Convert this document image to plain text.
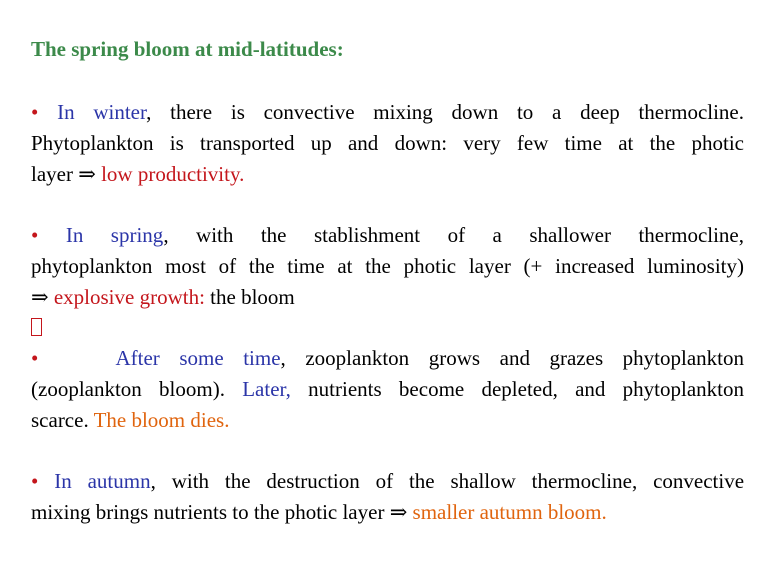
The spring bloom at mid-latitudes:
• In winter, there is convective mixing down to a deep thermocline.
Phytoplankton is transported up and down: very few time at the photic
layer ⇒ low productivity.
• In spring, with the stablishment of a shallower thermocline,
phytoplankton most of the time at the photic layer (+ increased luminosity)
⇒ explosive growth: the bloom
•	After some time, zooplankton grows and grazes phytoplankton
(zooplankton bloom). Later, nutrients become depleted, and phytoplankton
scarce. The bloom dies.
• In autumn, with the destruction of the shallow thermocline, convective
mixing brings nutrients to the photic layer ⇒ smaller autumn bloom.
